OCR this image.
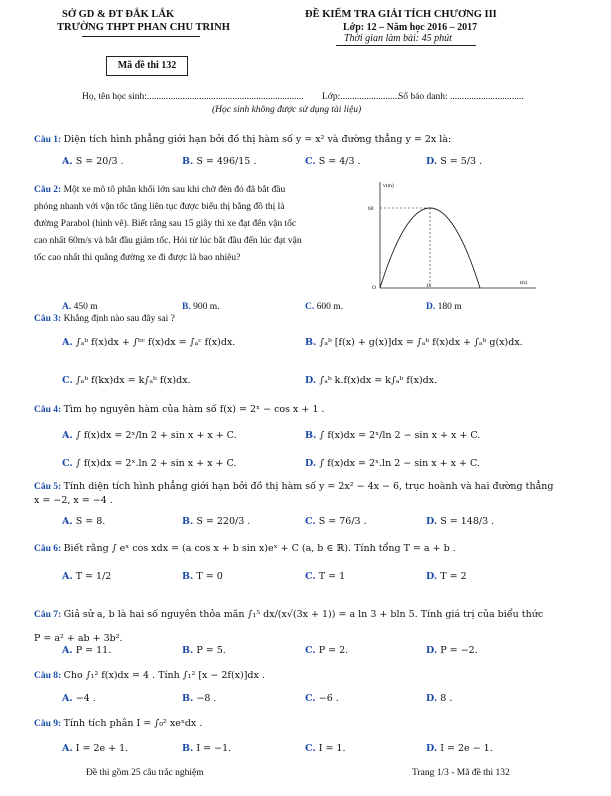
SỞ GD & ĐT ĐẮK LẮK
TRƯỜNG THPT PHAN CHU TRINH
ĐỀ KIỂM TRA GIẢI TÍCH CHƯƠNG III
Lớp: 12 – Năm học 2016 – 2017
Thời gian làm bài: 45 phút
Mã đề thi 132
Họ, tên học sinh:.................................................................. Lớp:.........................
Số báo danh: ...............................
(Học sinh không được sử dụng tài liệu)
Câu 1: Diện tích hình phẳng giới hạn bởi đồ thị hàm số y = x² và đường thẳng y = 2x là:
A. S = 20/3 .	B. S = 496/15 .	C. S = 4/3 .	D. S = 5/3 .
Câu 2: Một xe mô tô phân khối lớn sau khi chờ đèn đỏ đã bắt đầu
phóng nhanh với vận tốc tăng liên tục được biểu thị bằng đồ thị là
đường Parabol (hình vẽ). Biết rằng sau 15 giây thì xe đạt đến vận tốc
cao nhất 60m/s và bắt đầu giảm tốc. Hỏi từ lúc bắt đầu đến lúc đạt vận
tốc cao nhất thì quãng đường xe đi được là bao nhiêu?
v(m)
t(s)
60
15
O
A. 450 m	B. 900 m.	C. 600 m.	D. 180 m
Câu 3: Khẳng định nào sau đây sai ?
A. ∫ₐᵇ f(x)dx + ∫ᵇᶜ f(x)dx = ∫ₐᶜ f(x)dx.	B. ∫ₐᵇ [f(x) + g(x)]dx = ∫ₐᵇ f(x)dx + ∫ₐᵇ g(x)dx.
C. ∫ₐᵇ f(kx)dx = k∫ₐᵇ f(x)dx.	D. ∫ₐᵇ k.f(x)dx = k∫ₐᵇ f(x)dx.
Câu 4: Tìm họ nguyên hàm của hàm số f(x) = 2ˣ − cos x + 1 .
A. ∫ f(x)dx = 2ˣ/ln 2 + sin x + x + C.	B. ∫ f(x)dx = 2ˣ/ln 2 − sin x + x + C.
C. ∫ f(x)dx = 2ˣ.ln 2 + sin x + x + C.	D. ∫ f(x)dx = 2ˣ.ln 2 − sin x + x + C.
Câu 5: Tính diện tích hình phẳng giới hạn bởi đồ thị hàm số y = 2x² − 4x − 6, trục hoành và hai đường thẳng
x = −2, x = −4 .
A. S = 8.	B. S = 220/3 .	C. S = 76/3 .	D. S = 148/3 .
Câu 6: Biết rằng ∫ eˣ cos xdx = (a cos x + b sin x)eˣ + C (a, b ∈ ℝ). Tính tổng T = a + b .
A. T = 1/2	B. T = 0	C. T = 1	D. T = 2
Câu 7: Giả sử a, b là hai số nguyên thỏa mãn ∫₁⁵ dx/(x√(3x + 1)) = a ln 3 + bln 5. Tính giá trị của biểu thức
P = a² + ab + 3b².
A. P = 11.	B. P = 5.	C. P = 2.	D. P = −2.
Câu 8: Cho ∫₁² f(x)dx = 4 . Tính ∫₁² [x − 2f(x)]dx .
A. −4 .	B. −8 .	C. −6 .	D. 8 .
Câu 9: Tính tích phân I = ∫₀² xeˣdx .
A. I = 2e + 1.	B. I = −1.	C. I = 1.	D. I = 2e − 1.
Đề thi gồm 25 câu trắc nghiệm	Trang 1/3 - Mã đề thi 132
